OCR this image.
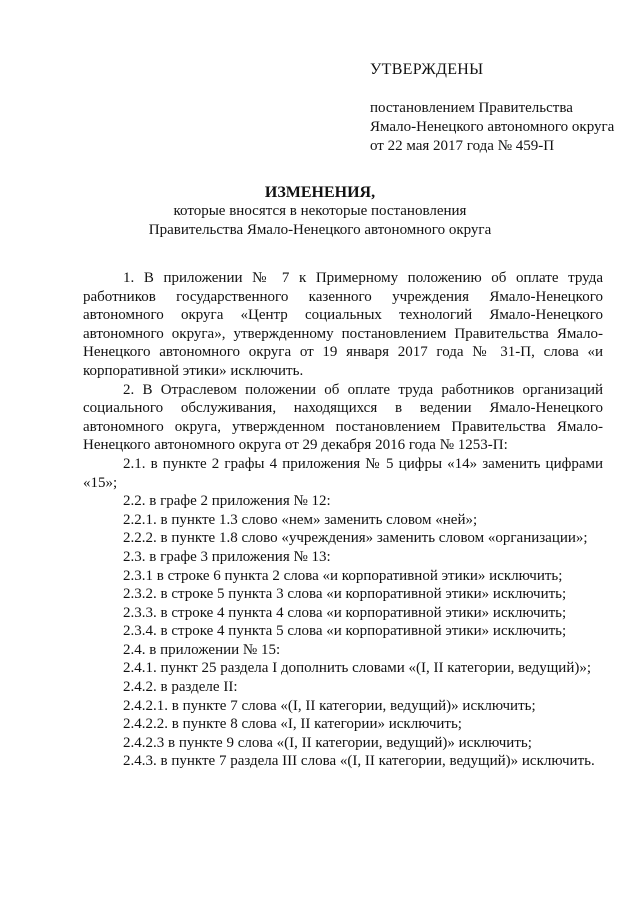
УТВЕРЖДЕНЫ
постановлением Правительства
Ямало-Ненецкого автономного округа
от 22 мая 2017 года № 459-П
ИЗМЕНЕНИЯ,
которые вносятся в некоторые постановления
Правительства Ямало-Ненецкого автономного округа

1. В приложении № 7 к Примерному положению об оплате труда работников государственного казенного учреждения Ямало-Ненецкого автономного округа «Центр социальных технологий Ямало-Ненецкого автономного округа», утвержденному постановлением Правительства Ямало-Ненецкого автономного округа от 19 января 2017 года № 31-П, слова «и корпоративной этики» исключить.

2. В Отраслевом положении об оплате труда работников организаций социального обслуживания, находящихся в ведении Ямало-Ненецкого автономного округа, утвержденном постановлением Правительства Ямало-Ненецкого автономного округа от 29 декабря 2016 года № 1253-П:

2.1. в пункте 2 графы 4 приложения № 5 цифры «14» заменить цифрами «15»;

2.2. в графе 2 приложения № 12:

2.2.1. в пункте 1.3 слово «нем» заменить словом «ней»;

2.2.2. в пункте 1.8 слово «учреждения» заменить словом «организации»;

2.3. в графе 3 приложения № 13:

2.3.1 в строке 6 пункта 2 слова «и корпоративной этики» исключить;

2.3.2. в строке 5 пункта 3 слова «и корпоративной этики» исключить;

2.3.3. в строке 4 пункта 4 слова «и корпоративной этики» исключить;

2.3.4. в строке 4 пункта 5 слова «и корпоративной этики» исключить;

2.4. в приложении № 15:

2.4.1. пункт 25 раздела I дополнить словами «(I, II категории, ведущий)»;

2.4.2. в разделе II:

2.4.2.1. в пункте 7 слова «(I, II категории, ведущий)» исключить;

2.4.2.2. в пункте 8 слова «I, II категории» исключить;

2.4.2.3 в пункте 9 слова «(I, II категории, ведущий)» исключить;

2.4.3. в пункте 7 раздела III слова «(I, II категории, ведущий)» исключить.
